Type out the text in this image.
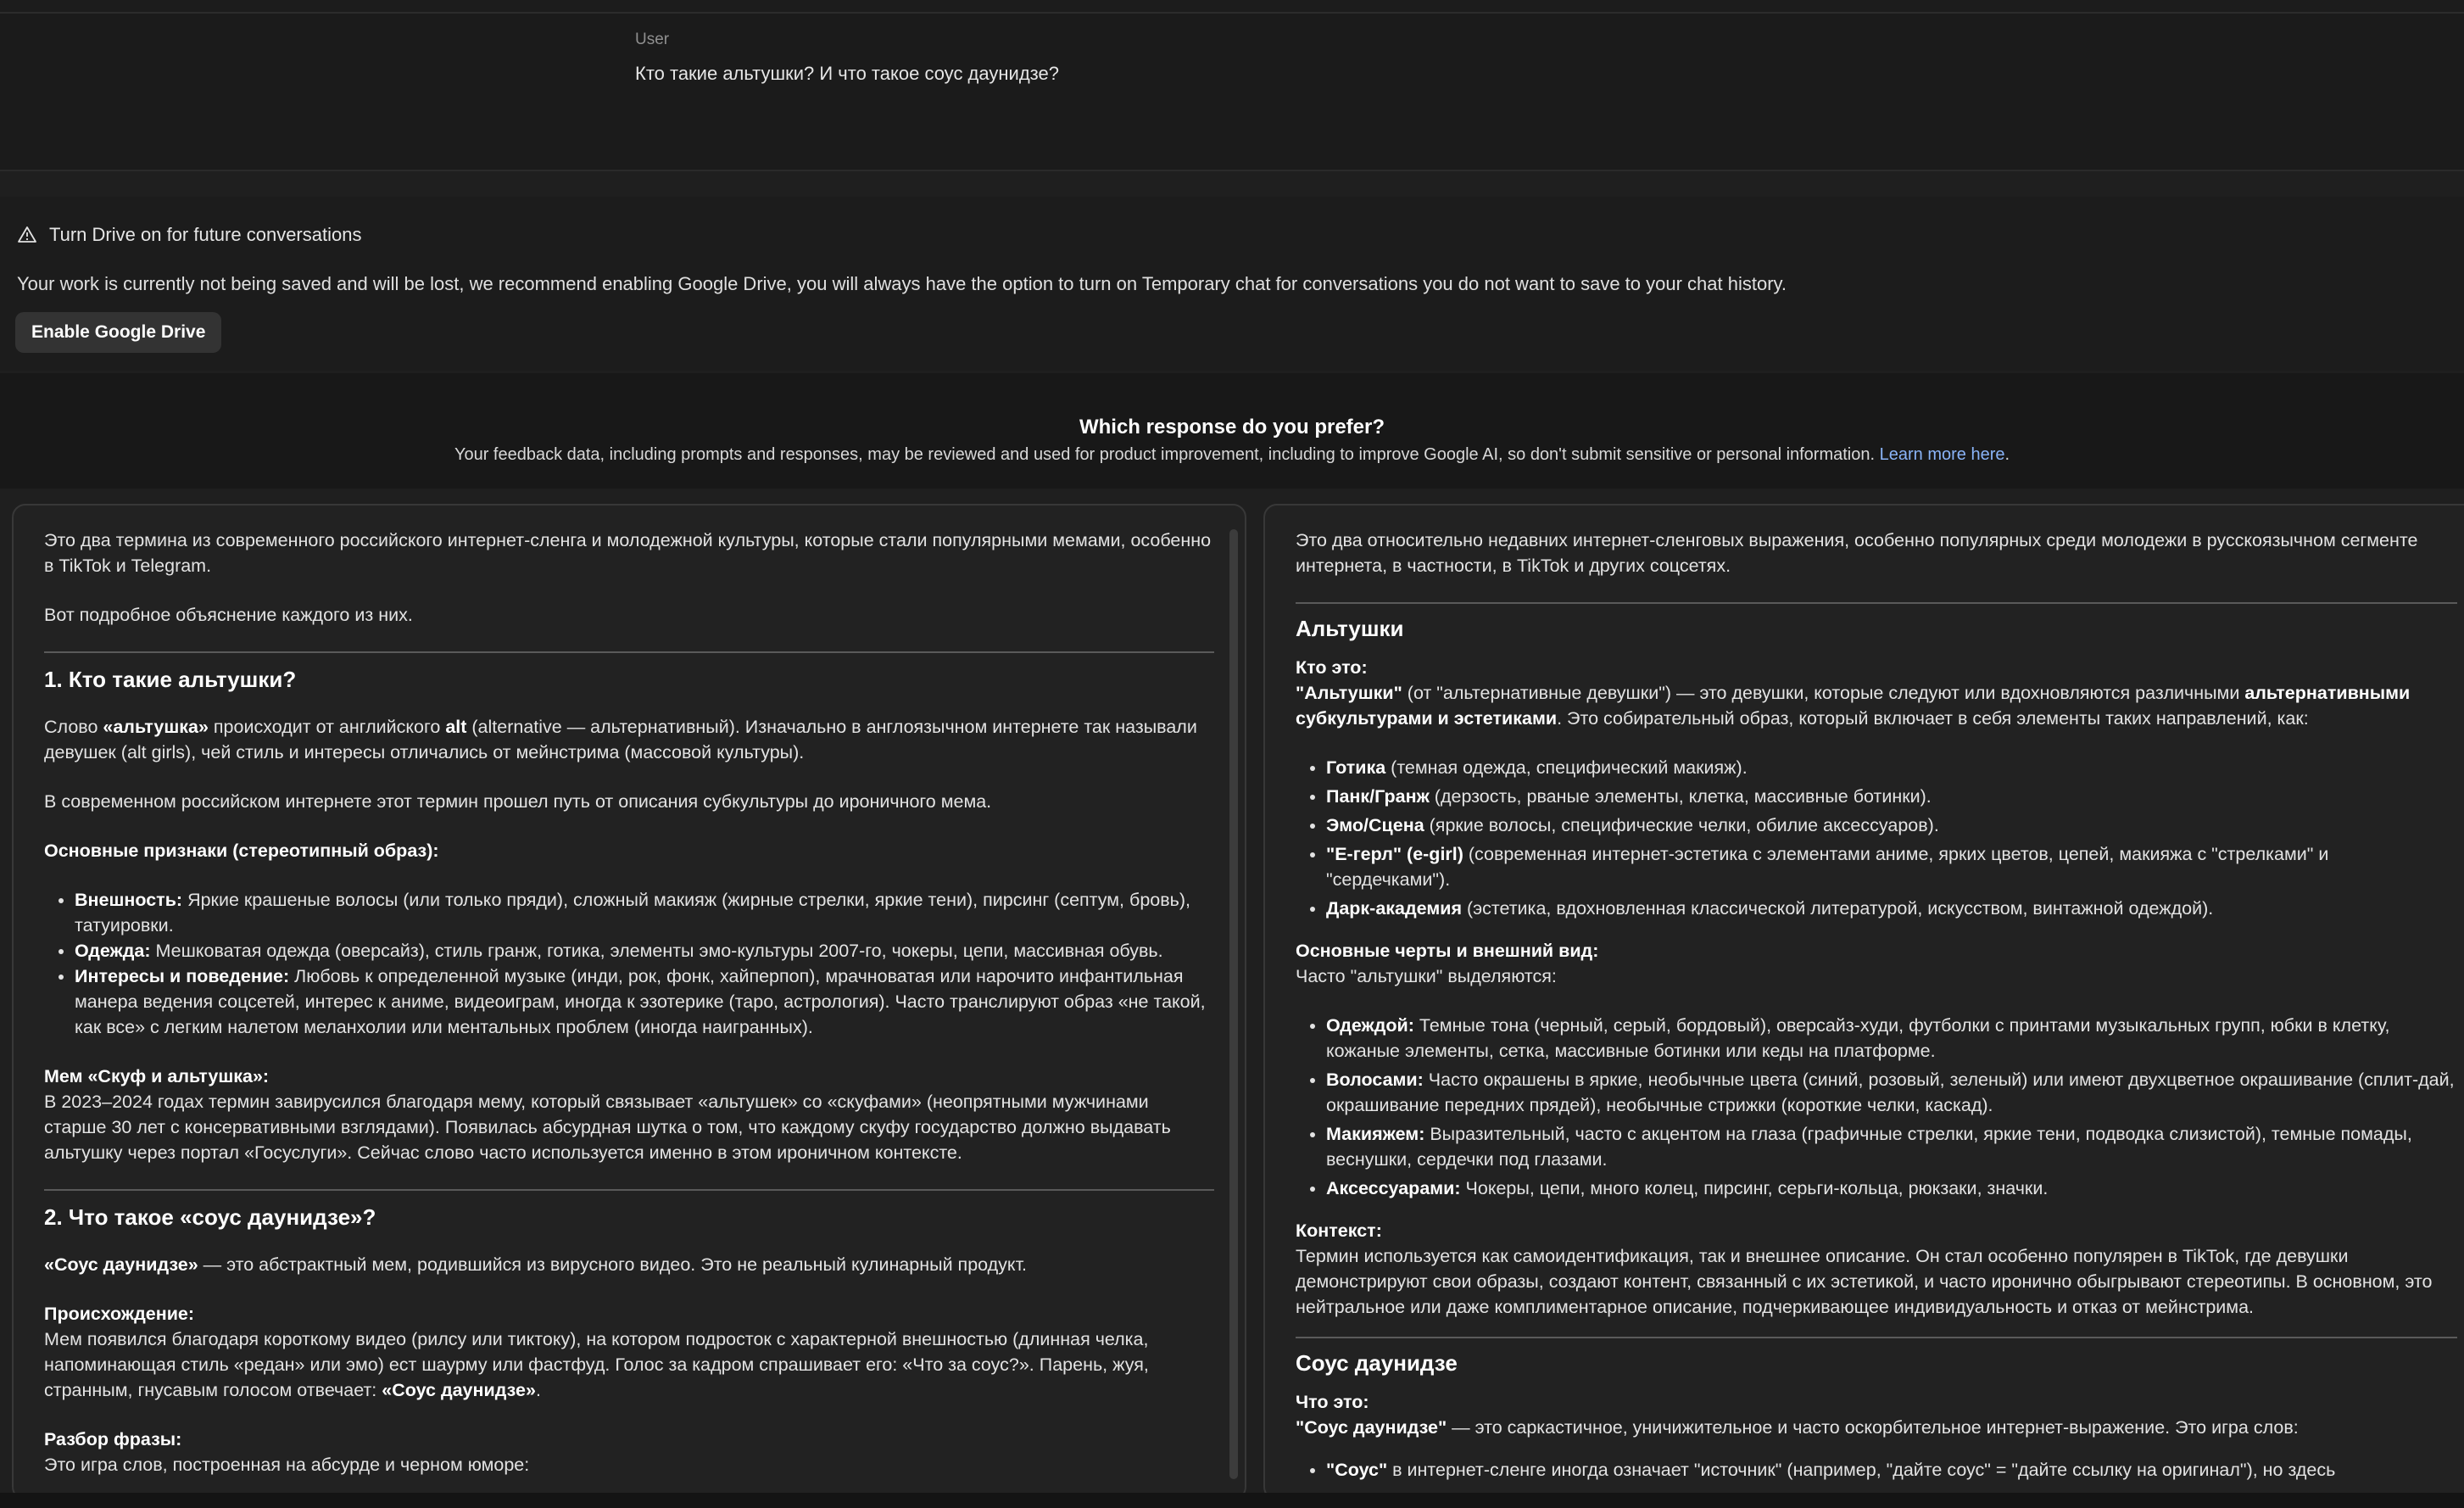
User
Кто такие альтушки? И что такое соус даунидзе?
Turn Drive on for future conversations
Your work is currently not being saved and will be lost, we recommend enabling Google Drive, you will always have the option to turn on Temporary chat for conversations you do not want to save to your chat history.
Enable Google Drive
Which response do you prefer?
Your feedback data, including prompts and responses, may be reviewed and used for product improvement, including to improve Google AI, so don't submit sensitive or personal information. Learn more here.

Это два термина из современного российского интернет-сленга и молодежной культуры, которые стали популярными мемами, особенно в TikTok и Telegram.

Вот подробное объяснение каждого из них.

1. Кто такие альтушки?

Слово «альтушка» происходит от английского alt (alternative — альтернативный). Изначально в англоязычном интернете так называли девушек (alt girls), чей стиль и интересы отличались от мейнстрима (массовой культуры).

В современном российском интернете этот термин прошел путь от описания субкультуры до ироничного мема.

Основные признаки (стереотипный образ):

• Внешность: Яркие крашеные волосы (или только пряди), сложный макияж (жирные стрелки, яркие тени), пирсинг (септум, бровь), татуировки.
• Одежда: Мешковатая одежда (оверсайз), стиль гранж, готика, элементы эмо-культуры 2007-го, чокеры, цепи, массивная обувь.
• Интересы и поведение: Любовь к определенной музыке (инди, рок, фонк, хайперпоп), мрачноватая или нарочито инфантильная манера ведения соцсетей, интерес к аниме, видеоиграм, иногда к эзотерике (таро, астрология). Часто транслируют образ «не такой, как все» с легким налетом меланхолии или ментальных проблем (иногда наигранных).

Мем «Скуф и альтушка»:

В 2023–2024 годах термин завирусился благодаря мему, который связывает «альтушек» со «скуфами» (неопрятными мужчинами старше 30 лет с консервативными взглядами). Появилась абсурдная шутка о том, что каждому скуфу государство должно выдавать альтушку через портал «Госуслуги». Сейчас слово часто используется именно в этом ироничном контексте.

2. Что такое «соус даунидзе»?

«Соус даунидзе» — это абстрактный мем, родившийся из вирусного видео. Это не реальный кулинарный продукт.

Происхождение:

Мем появился благодаря короткому видео (рилсу или тиктоку), на котором подросток с характерной внешностью (длинная челка, напоминающая стиль «редан» или эмо) ест шаурму или фастфуд. Голос за кадром спрашивает его: «Что за соус?». Парень, жуя, странным, гнусавым голосом отвечает: «Соус даунидзе».

Разбор фразы:

Это игра слов, построенная на абсурде и черном юморе:

Это два относительно недавних интернет-сленговых выражения, особенно популярных среди молодежи в русскоязычном сегменте интернета, в частности, в TikTok и других соцсетях.

Альтушки

Кто это:

"Альтушки" (от "альтернативные девушки") — это девушки, которые следуют или вдохновляются различными альтернативными субкультурами и эстетиками. Это собирательный образ, который включает в себя элементы таких направлений, как:

• Готика (темная одежда, специфический макияж).
• Панк/Гранж (дерзость, рваные элементы, клетка, массивные ботинки).
• Эмо/Сцена (яркие волосы, специфические челки, обилие аксессуаров).
• "Е-герл" (e-girl) (современная интернет-эстетика с элементами аниме, ярких цветов, цепей, макияжа с "стрелками" и "сердечками").
• Дарк-академия (эстетика, вдохновленная классической литературой, искусством, винтажной одеждой).

Основные черты и внешний вид:

Часто "альтушки" выделяются:

• Одеждой: Темные тона (черный, серый, бордовый), оверсайз-худи, футболки с принтами музыкальных групп, юбки в клетку, кожаные элементы, сетка, массивные ботинки или кеды на платформе.
• Волосами: Часто окрашены в яркие, необычные цвета (синий, розовый, зеленый) или имеют двухцветное окрашивание (сплит-дай, окрашивание передних прядей), необычные стрижки (короткие челки, каскад).
• Макияжем: Выразительный, часто с акцентом на глаза (графичные стрелки, яркие тени, подводка слизистой), темные помады, веснушки, сердечки под глазами.
• Аксессуарами: Чокеры, цепи, много колец, пирсинг, серьги-кольца, рюкзаки, значки.

Контекст:

Термин используется как самоидентификация, так и внешнее описание. Он стал особенно популярен в TikTok, где девушки демонстрируют свои образы, создают контент, связанный с их эстетикой, и часто иронично обыгрывают стереотипы. В основном, это нейтральное или даже комплиментарное описание, подчеркивающее индивидуальность и отказ от мейнстрима.

Соус даунидзе

Что это:

"Соус даунидзе" — это саркастичное, уничижительное и часто оскорбительное интернет-выражение. Это игра слов:

• "Соус" в интернет-сленге иногда означает "источник" (например, "дайте соус" = "дайте ссылку на оригинал"), но здесь
